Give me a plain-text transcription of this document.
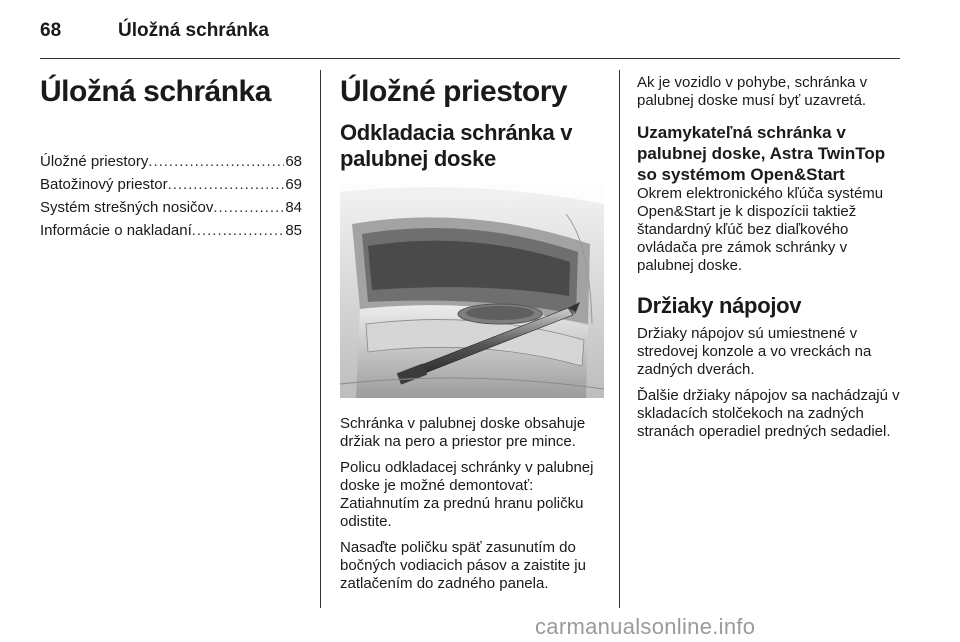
68	Úložná schránka
Úložná schránka
Úložné priestory . . .	68
Batožinový priestor . . .	69
Systém strešných nosičov . . .	84
Informácie o nakladaní . . .	85
Úložné priestory
Odkladacia schránka v palubnej doske

Schránka v palubnej doske obsahuje držiak na pero a priestor pre mince.

Policu odkladacej schránky v palubnej doske je možné demontovať: Zatiahnutím za prednú hranu poličku odistite.

Nasaďte poličku späť zasunutím do bočných vodiacich pásov a zaistite ju zatlačením do zadného panela.

Ak je vozidlo v pohybe, schránka v palubnej doske musí byť uzavretá.

Uzamykateľná schránka v palubnej doske, Astra TwinTop so systémom Open&Start

Okrem elektronického kľúča systému Open&Start je k dispozícii taktiež štandardný kľúč bez diaľkového ovládača pre zámok schránky v palubnej doske.

Držiaky nápojov

Držiaky nápojov sú umiestnené v stredovej konzole a vo vreckách na zadných dverách.

Ďalšie držiaky nápojov sa nachádzajú v skladacích stolčekoch na zadných stranách operadiel predných sedadiel.

carmanualsonline.info
